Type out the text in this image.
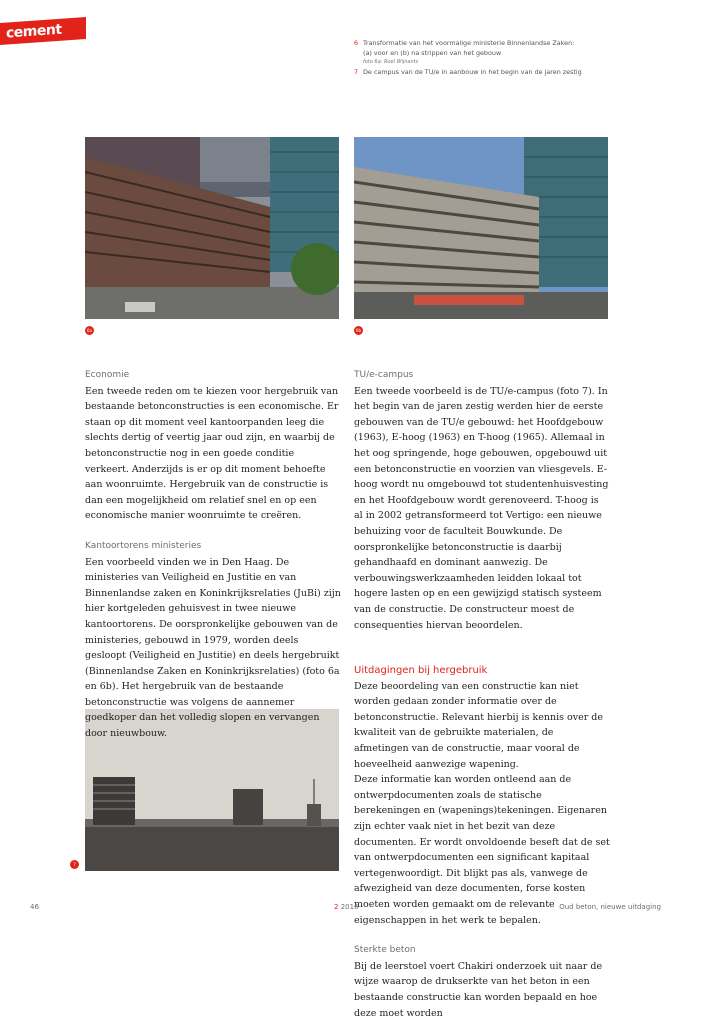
cement
6 Transformatie van het voormalige ministerie Binnenlandse Zaken:
(a) voor en (b) na strippen van het gebouw
foto 6a: Roel Wijnants
7 De campus van de TU/e in aanbouw in het begin van de jaren zestig
6a	6b
7
Economie

Een tweede reden om te kiezen voor hergebruik van bestaande betonconstructies is een economische. Er staan op dit moment veel kantoorpanden leeg die slechts dertig of veertig jaar oud zijn, en waarbij de betonconstructie nog in een goede conditie verkeert. Anderzijds is er op dit moment behoefte aan woonruimte. Hergebruik van de constructie is dan een mogelijkheid om relatief snel en op een economische manier woonruimte te creëren.

Kantoortorens ministeries

Een voorbeeld vinden we in Den Haag. De ministeries van Veiligheid en Justitie en van Binnenlandse zaken en Koninkrijksrelaties (JuBi) zijn hier kortgeleden gehuisvest in twee nieuwe kantoortorens. De oorspronkelijke gebouwen van de ministeries, gebouwd in 1979, worden deels gesloopt (Veiligheid en Justitie) en deels hergebruikt (Binnenlandse Zaken en Koninkrijksrelaties) (foto 6a en 6b). Het hergebruik van de bestaande betonconstructie was volgens de aannemer goedkoper dan het volledig slopen en vervangen door nieuwbouw.

TU/e-campus

Een tweede voorbeeld is de TU/e-campus (foto 7). In het begin van de jaren zestig werden hier de eerste gebouwen van de TU/e gebouwd: het Hoofdgebouw (1963), E-hoog (1963) en T-hoog (1965). Allemaal in het oog springende, hoge gebouwen, opgebouwd uit een betonconstructie en voorzien van vliesgevels. E-hoog wordt nu omgebouwd tot studentenhuisvesting en het Hoofdgebouw wordt gerenoveerd. T-hoog is al in 2002 getransformeerd tot Vertigo: een nieuwe behuizing voor de faculteit Bouwkunde. De oorspronkelijke betonconstructie is daarbij gehandhaafd en dominant aanwezig. De verbouwingswerkzaamheden leidden lokaal tot hogere lasten op en een gewijzigd statisch systeem van de constructie. De constructeur moest de consequenties hiervan beoordelen.

Uitdagingen bij hergebruik

Deze beoordeling van een constructie kan niet worden gedaan zonder informatie over de betonconstructie. Relevant hierbij is kennis over de kwaliteit van de gebruikte materialen, de afmetingen van de constructie, maar vooral de hoeveelheid aanwezige wapening.

Deze informatie kan worden ontleend aan de ontwerpdocumenten zoals de statische berekeningen en (wapenings)tekeningen. Eigenaren zijn echter vaak niet in het bezit van deze documenten. Er wordt onvoldoende beseft dat de set van ontwerpdocumenten een significant kapitaal vertegenwoordigt. Dit blijkt pas als, vanwege de afwezigheid van deze documenten, forse kosten moeten worden gemaakt om de relevante eigenschappen in het werk te bepalen.

Sterkte beton

Bij de leerstoel voert Chakiri onderzoek uit naar de wijze waarop de drukserkte van het beton in een bestaande constructie kan worden bepaald en hoe deze moet worden

46	2 2016	Oud beton, nieuwe uitdaging
